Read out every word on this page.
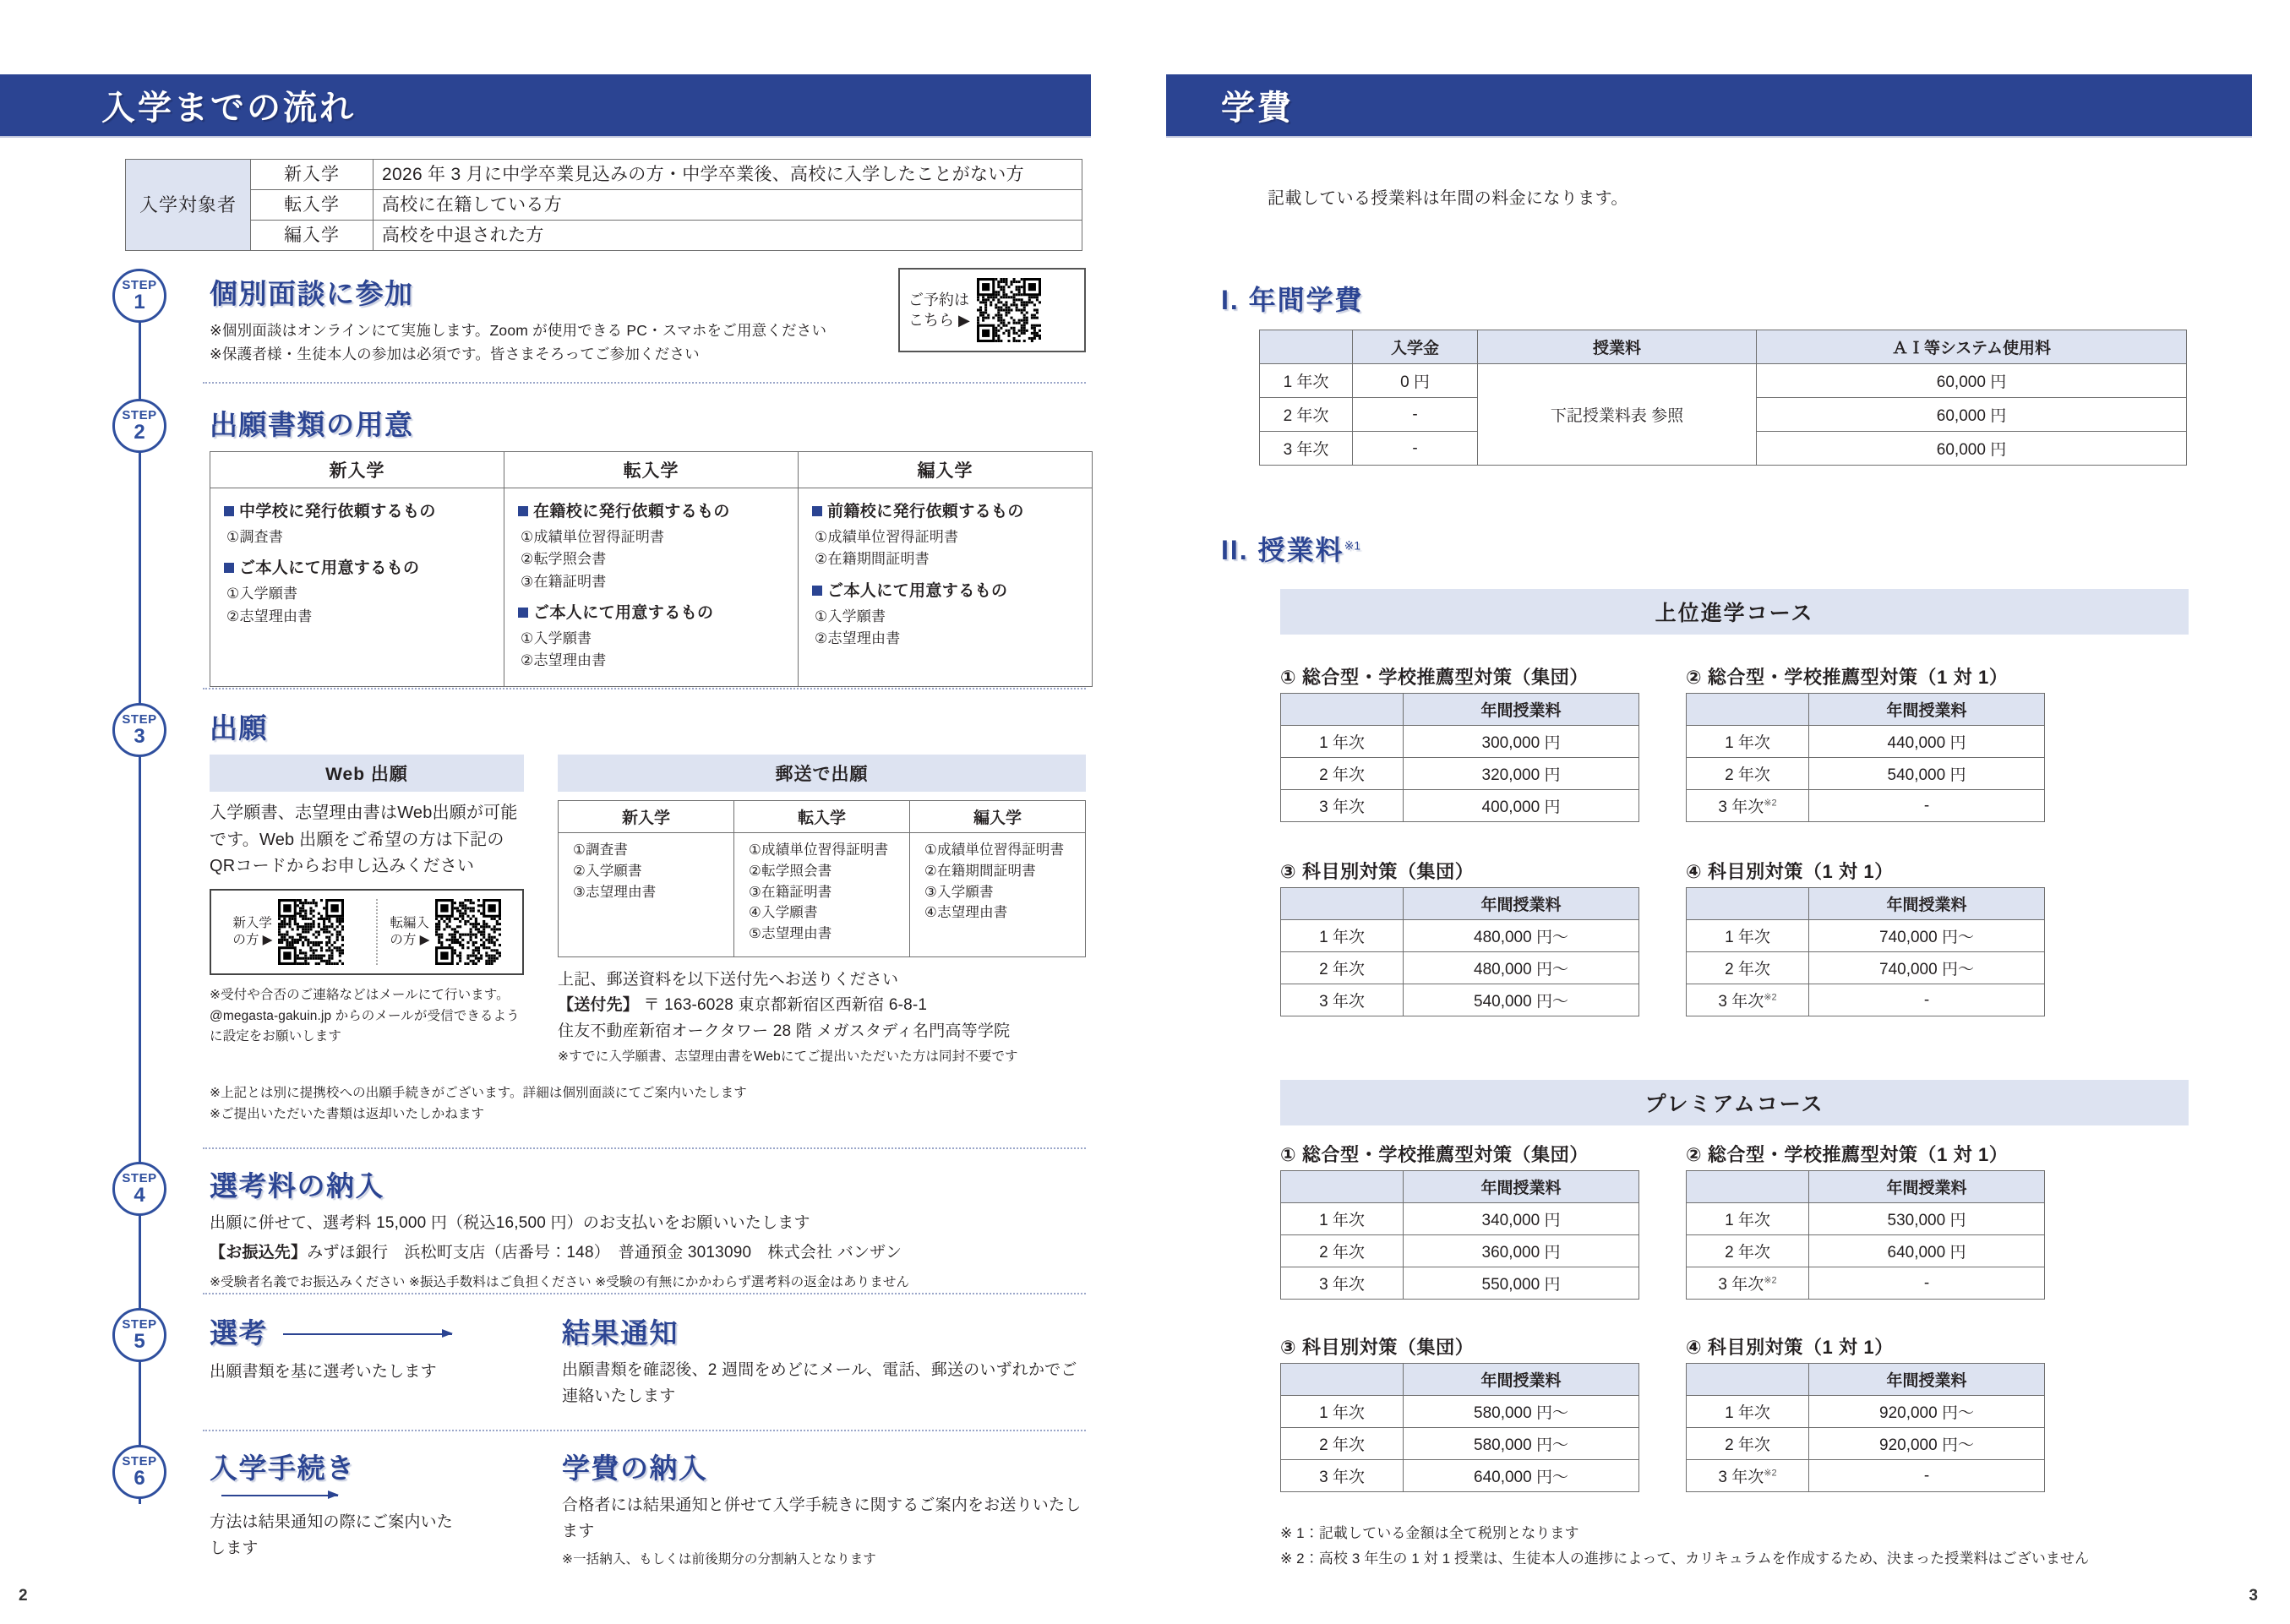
入学までの流れ
入学対象者	新入学	2026 年 3 月に中学卒業見込みの方・中学卒業後、高校に入学したことがない方
	転入学	高校に在籍している方
	編入学	高校を中退された方
STEP
1 個別面談に参加
※個別面談はオンラインにて実施します。Zoom が使用できる PC・スマホをご用意ください
※保護者様・生徒本人の参加は必須です。皆さまそろってご参加ください
ご予約は
こちら ▶
STEP
2 出願書類の用意
新入学	転入学	編入学

中学校に発行依頼するもの
①調査書
ご本人にて用意するもの
①入学願書
②志望理由書

在籍校に発行依頼するもの
①成績単位習得証明書
②転学照会書
③在籍証明書
ご本人にて用意するもの
①入学願書
②志望理由書

前籍校に発行依頼するもの
①成績単位習得証明書
②在籍期間証明書
ご本人にて用意するもの
①入学願書
②志望理由書
STEP
3 出願
Web 出願
入学願書、志望理由書はWeb出願が可能です。Web 出願をご希望の方は下記のQRコードからお申し込みください
新入学
の方 ▶
転編入
の方 ▶
※受付や合否のご連絡などはメールにて行います。@megasta-gakuin.jp からのメールが受信できるように設定をお願いします
郵送で出願
新入学	転入学	編入学

①調査書
②入学願書
③志望理由書

①成績単位習得証明書
②転学照会書
③在籍証明書
④入学願書
⑤志望理由書

①成績単位習得証明書
②在籍期間証明書
③入学願書
④志望理由書
上記、郵送資料を以下送付先へお送りください
【送付先】 〒 163-6028 東京都新宿区西新宿 6-8-1
住友不動産新宿オークタワー 28 階 メガスタディ名門高等学院
※すでに入学願書、志望理由書をWebにてご提出いただいた方は同封不要です
※上記とは別に提携校への出願手続きがございます。詳細は個別面談にてご案内いたします
※ご提出いただいた書類は返却いたしかねます
STEP
4 選考料の納入
出願に併せて、選考料 15,000 円（税込16,500 円）のお支払いをお願いいたします
【お振込先】みずほ銀行　浜松町支店（店番号：148）　普通預金 3013090　株式会社 バンザン
※受験者名義でお振込みください ※振込手数料はご負担ください ※受験の有無にかかわらず選考料の返金はありません
STEP
5 選考
出願書類を基に選考いたします
結果通知
出願書類を確認後、2 週間をめどにメール、電話、郵送のいずれかでご連絡いたします
STEP
6 入学手続き
方法は結果通知の際にご案内いたします
学費の納入
合格者には結果通知と併せて入学手続きに関するご案内をお送りいたします
※一括納入、もしくは前後期分の分割納入となります
2
学費
記載している授業料は年間の料金になります。
I. 年間学費
	入学金	授業料	ＡＩ等システム使用料
1 年次	0 円	下記授業料表 参照	60,000 円
2 年次	-		60,000 円
3 年次	-		60,000 円
II. 授業料$^{※1}$
上位進学コース
① 総合型・学校推薦型対策（集団）
	年間授業料
1 年次	300,000 円
2 年次	320,000 円
3 年次	400,000 円
② 総合型・学校推薦型対策（1 対 1）
	年間授業料
1 年次	440,000 円
2 年次	540,000 円
3 年次$^{※2}$	-
③ 科目別対策（集団）
	年間授業料
1 年次	480,000 円～
2 年次	480,000 円～
3 年次	540,000 円～
④ 科目別対策（1 対 1）
	年間授業料
1 年次	740,000 円～
2 年次	740,000 円～
3 年次$^{※2}$	-
プレミアムコース
① 総合型・学校推薦型対策（集団）
	年間授業料
1 年次	340,000 円
2 年次	360,000 円
3 年次	550,000 円
② 総合型・学校推薦型対策（1 対 1）
	年間授業料
1 年次	530,000 円
2 年次	640,000 円
3 年次$^{※2}$	-
③ 科目別対策（集団）
	年間授業料
1 年次	580,000 円～
2 年次	580,000 円～
3 年次	640,000 円～
④ 科目別対策（1 対 1）
	年間授業料
1 年次	920,000 円～
2 年次	920,000 円～
3 年次$^{※2}$	-
※ 1：記載している金額は全て税別となります
※ 2：高校 3 年生の 1 対 1 授業は、生徒本人の進捗によって、カリキュラムを作成するため、決まった授業料はございません
3
